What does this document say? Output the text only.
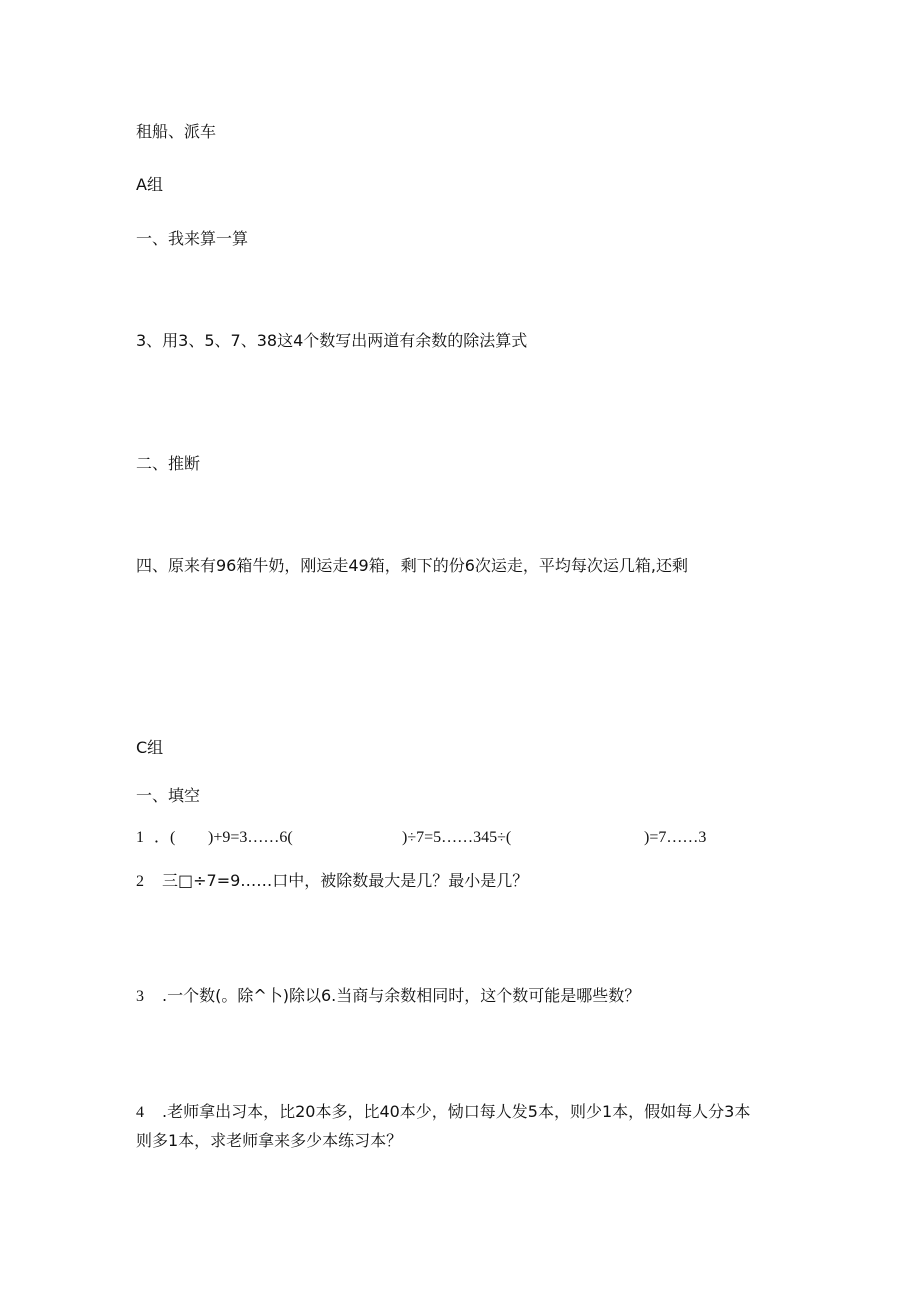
租船、派车
A组
一、我来算一算
3、用3、5、7、38这4个数写出两道有余数的除法算式
二、推断
四、原来有96箱牛奶，刚运走49箱，剩下的份6次运走，平均每次运几箱,还剩
C组
一、填空
1 ．( )+9=3……6(	)÷7=5……345÷(	)=7……3
2 三□÷7=9……口中，被除数最大是几？最小是几？
3 .一个数(。除^卜)除以6.当商与余数相同时，这个数可能是哪些数？
4 .老师拿出习本，比20本多，比40本少，恸口每人发5本，则少1本，假如每人分3本
则多1本，求老师拿来多少本练习本？
